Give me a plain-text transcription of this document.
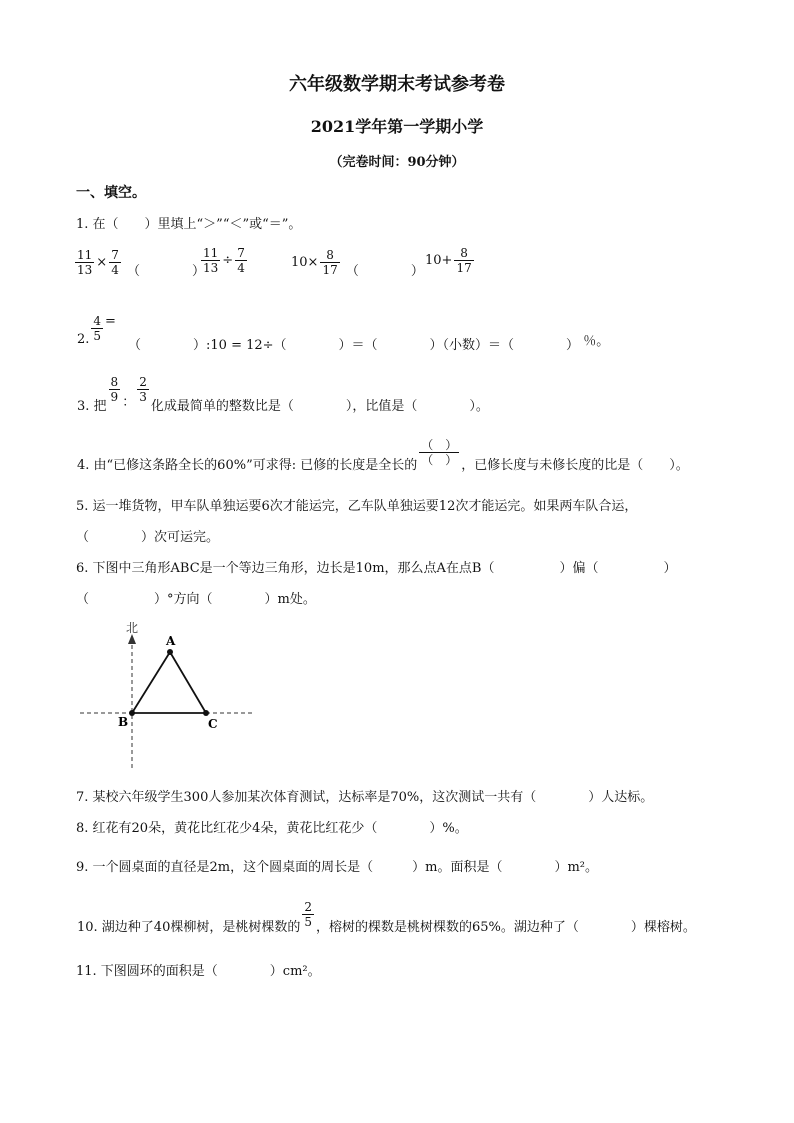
六年级数学期末考试参考卷
2021学年第一学期小学
（完卷时间：90分钟）
一、填空。
1. 在（　　）里填上“＞”“＜”或“＝”。
$\frac{11}{13} \times \frac{7}{4}$ （　　　　）
$\frac{11}{13} \div \frac{7}{4}$	$10\times \frac{8}{17}$ （　　　　）
$10+ \frac{8}{17}$
2. $\frac{4}{5}$ =
（　　　　）:10 = 12÷（　　　　）＝（　　　　）（小数）＝（　　　　） ％。
3. 把
$\frac{8}{9}$ ： $\frac{2}{3}$
化成最简单的整数比是（　　　　），比值是（　　　　）。
4. 由“已修这条路全长的60%”可求得: 已修的长度是全长的 $\frac{( )}{( )}$ ，已修长度与未修长度的比是（　　）。
5. 运一堆货物，甲车队单独运要6次才能运完，乙车队单独运要12次才能运完。如果两车队合运，
（　　　　）次可运完。
6. 下图中三角形ABC是一个等边三角形，边长是10m，那么点A在点B（　　　　　）偏（　　　　　）
（　　　　　）°方向（　　　　）m处。
北
A
B	C
7. 某校六年级学生300人参加某次体育测试，达标率是70%，这次测试一共有（　　　　）人达标。
8. 红花有20朵，黄花比红花少4朵，黄花比红花少（　　　　）%。
9. 一个圆桌面的直径是2m，这个圆桌面的周长是（　　　）m。面积是（　　　　）m²。
10. 湖边种了40棵柳树，是桃树棵数的 $\frac{2}{5}$ ，榕树的棵数是桃树棵数的65%。湖边种了（　　　　）棵榕树。
11. 下图圆环的面积是（　　　　）cm²。
